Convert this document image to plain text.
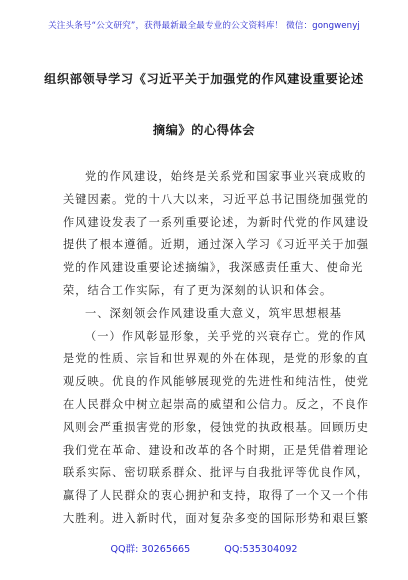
关注头条号“公文研究”，获得最新最全最专业的公文资料库！ 微信：gongwenyj
组织部领导学习《习近平关于加强党的作风建设重要论述
摘编》的心得体会
党的作风建设，始终是关系党和国家事业兴衰成败的
关键因素。党的十八大以来，习近平总书记围绕加强党的
作风建设发表了一系列重要论述，为新时代党的作风建设
提供了根本遵循。近期，通过深入学习《习近平关于加强
党的作风建设重要论述摘编》，我深感责任重大、使命光
荣，结合工作实际，有了更为深刻的认识和体会。
一、深刻领会作风建设重大意义，筑牢思想根基
（一）作风彰显形象，关乎党的兴衰存亡。党的作风
是党的性质、宗旨和世界观的外在体现，是党的形象的直
观反映。优良的作风能够展现党的先进性和纯洁性，使党
在人民群众中树立起崇高的威望和公信力。反之，不良作
风则会严重损害党的形象，侵蚀党的执政根基。回顾历史
我们党在革命、建设和改革的各个时期，正是凭借着理论
联系实际、密切联系群众、批评与自我批评等优良作风，
赢得了人民群众的衷心拥护和支持，取得了一个又一个伟
大胜利。进入新时代，面对复杂多变的国际形势和艰巨繁
QQ群: 30265665	QQ:535304092
